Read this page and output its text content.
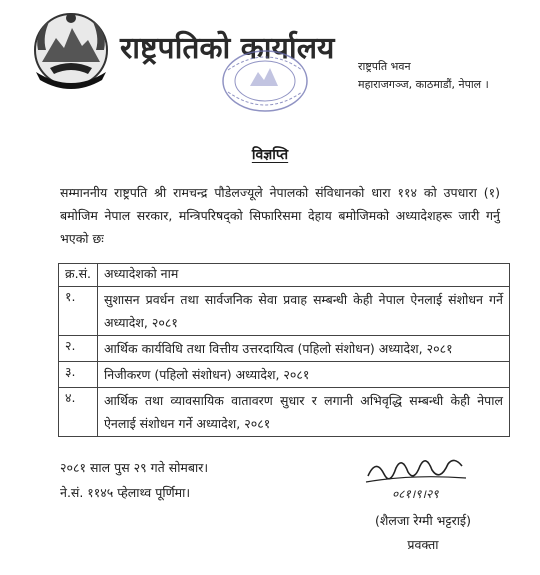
राष्ट्रपतिको कार्यालय
राष्ट्रपति भवन
महाराजगञ्ज, काठमाडौं, नेपाल ।
विज्ञप्ति

सम्माननीय राष्ट्रपति श्री रामचन्द्र पौडेलज्यूले नेपालको संविधानको धारा ११४ को उपधारा (१) बमोजिम नेपाल सरकार, मन्त्रिपरिषद्को सिफारिसमा देहाय बमोजिमको अध्यादेशहरू जारी गर्नु भएको छः

क्र.सं.	अध्यादेशको नाम
१.	सुशासन प्रवर्धन तथा सार्वजनिक सेवा प्रवाह सम्बन्धी केही नेपाल ऐनलाई संशोधन गर्ने अध्यादेश, २०८१
२.	आर्थिक कार्यविधि तथा वित्तीय उत्तरदायित्व (पहिलो संशोधन) अध्यादेश, २०८१
३.	निजीकरण (पहिलो संशोधन) अध्यादेश, २०८१
४.	आर्थिक तथा व्यावसायिक वातावरण सुधार र लगानी अभिवृद्धि सम्बन्धी केही नेपाल ऐनलाई संशोधन गर्ने अध्यादेश, २०८१
२०८१ साल पुस २९ गते सोमबार।
ने.सं. ११४५ प्हेलाथ्व पूर्णिमा।	०८१।९।२९
(शैलजा रेग्मी भट्टराई)
प्रवक्ता
